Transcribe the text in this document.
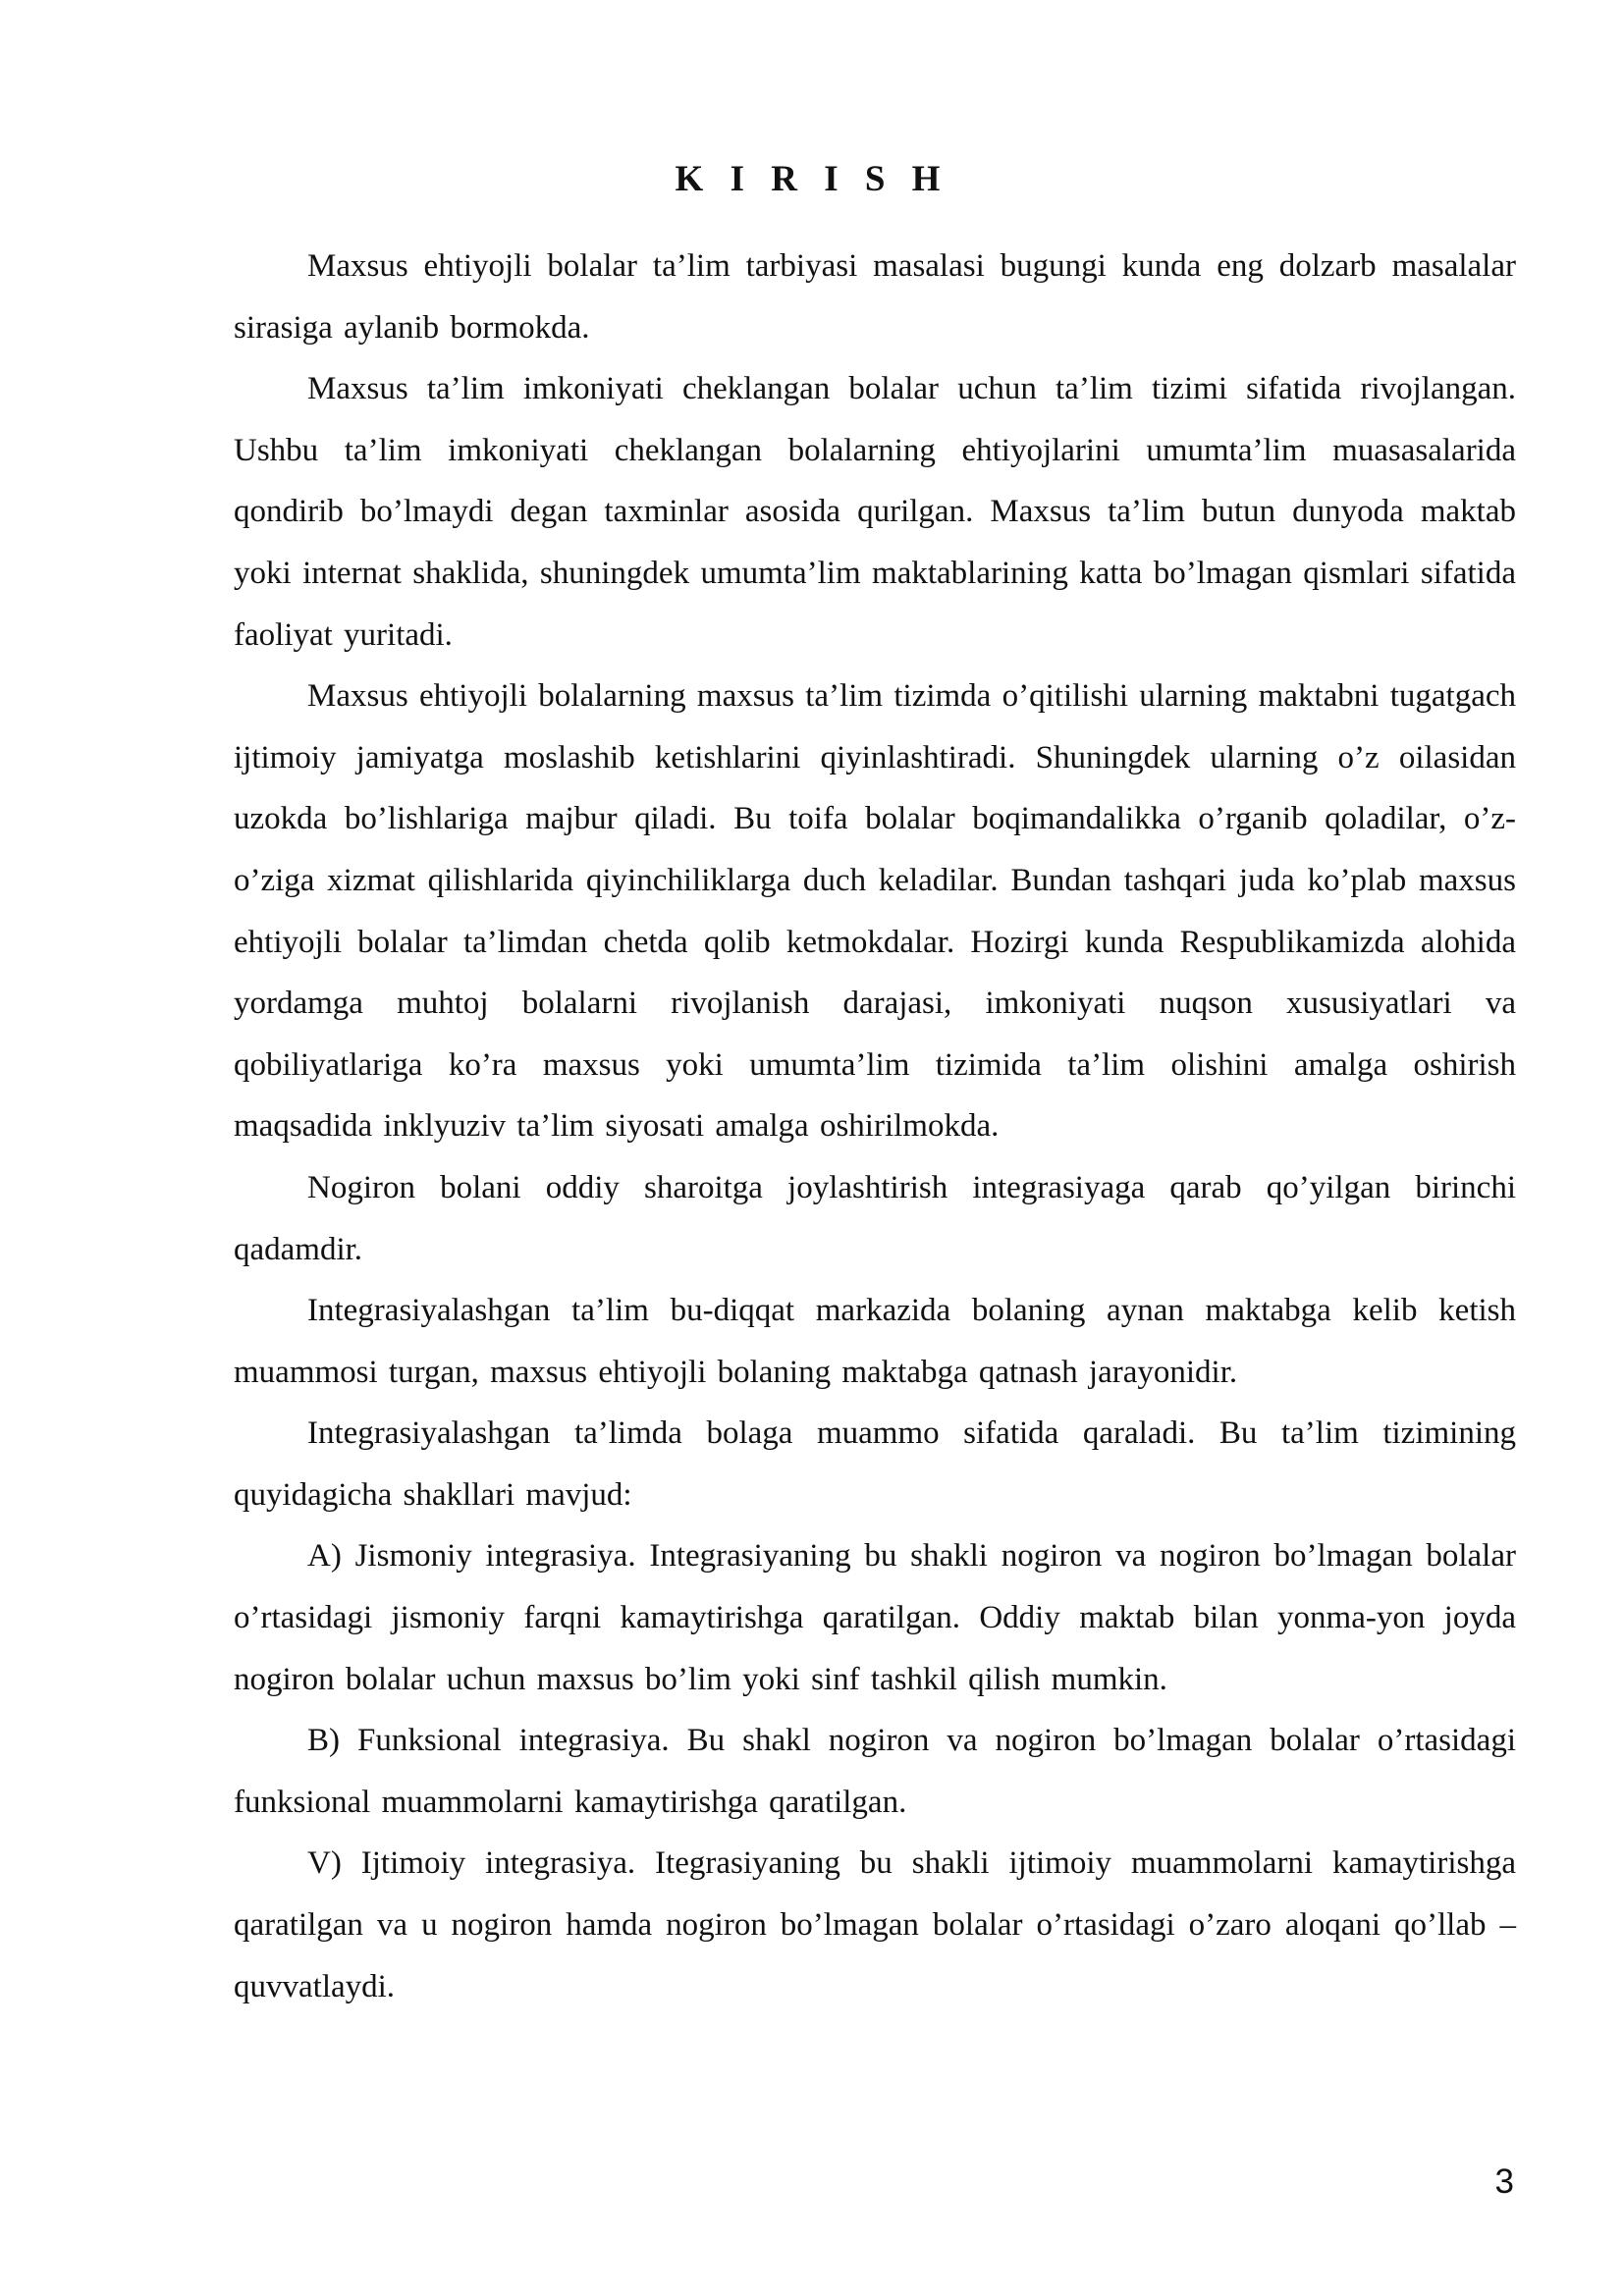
K I R I S H

Maxsus ehtiyojli bolalar ta’lim tarbiyasi masalasi bugungi kunda eng dolzarb masalalar sirasiga aylanib bormokda.

Maxsus ta’lim imkoniyati cheklangan bolalar uchun ta’lim tizimi sifatida rivojlangan. Ushbu ta’lim imkoniyati cheklangan bolalarning ehtiyojlarini umumta’lim muasasalarida qondirib bo’lmaydi degan taxminlar asosida qurilgan. Maxsus ta’lim butun dunyoda maktab yoki internat shaklida, shuningdek umumta’lim maktablarining katta bo’lmagan qismlari sifatida faoliyat yuritadi.

Maxsus ehtiyojli bolalarning maxsus ta’lim tizimda o’qitilishi ularning maktabni tugatgach ijtimoiy jamiyatga moslashib ketishlarini qiyinlashtiradi. Shuningdek ularning o’z oilasidan uzokda bo’lishlariga majbur qiladi. Bu toifa bolalar boqimandalikka o’rganib qoladilar, o’z-o’ziga xizmat qilishlarida qiyinchiliklarga duch keladilar. Bundan tashqari juda ko’plab maxsus ehtiyojli bolalar ta’limdan chetda qolib ketmokdalar. Hozirgi kunda Respublikamizda alohida yordamga muhtoj bolalarni rivojlanish darajasi, imkoniyati nuqson xususiyatlari va qobiliyatlariga ko’ra maxsus yoki umumta’lim tizimida ta’lim olishini amalga oshirish maqsadida inklyuziv ta’lim siyosati amalga oshirilmokda.

Nogiron bolani oddiy sharoitga joylashtirish integrasiyaga qarab qo’yilgan birinchi qadamdir.

Integrasiyalashgan ta’lim bu-diqqat markazida bolaning aynan maktabga kelib ketish muammosi turgan, maxsus ehtiyojli bolaning maktabga qatnash jarayonidir.

Integrasiyalashgan ta’limda bolaga muammo sifatida qaraladi. Bu ta’lim tizimining quyidagicha shakllari mavjud:

A) Jismoniy integrasiya. Integrasiyaning bu shakli nogiron va nogiron bo’lmagan bolalar o’rtasidagi jismoniy farqni kamaytirishga qaratilgan. Oddiy maktab bilan yonma-yon joyda nogiron bolalar uchun maxsus bo’lim yoki sinf tashkil qilish mumkin.

B) Funksional integrasiya. Bu shakl nogiron va nogiron bo’lmagan bolalar o’rtasidagi funksional muammolarni kamaytirishga qaratilgan.

V) Ijtimoiy integrasiya. Itegrasiyaning bu shakli ijtimoiy muammolarni kamaytirishga qaratilgan va u nogiron hamda nogiron bo’lmagan bolalar o’rtasidagi o’zaro aloqani qo’llab – quvvatlaydi.

3
